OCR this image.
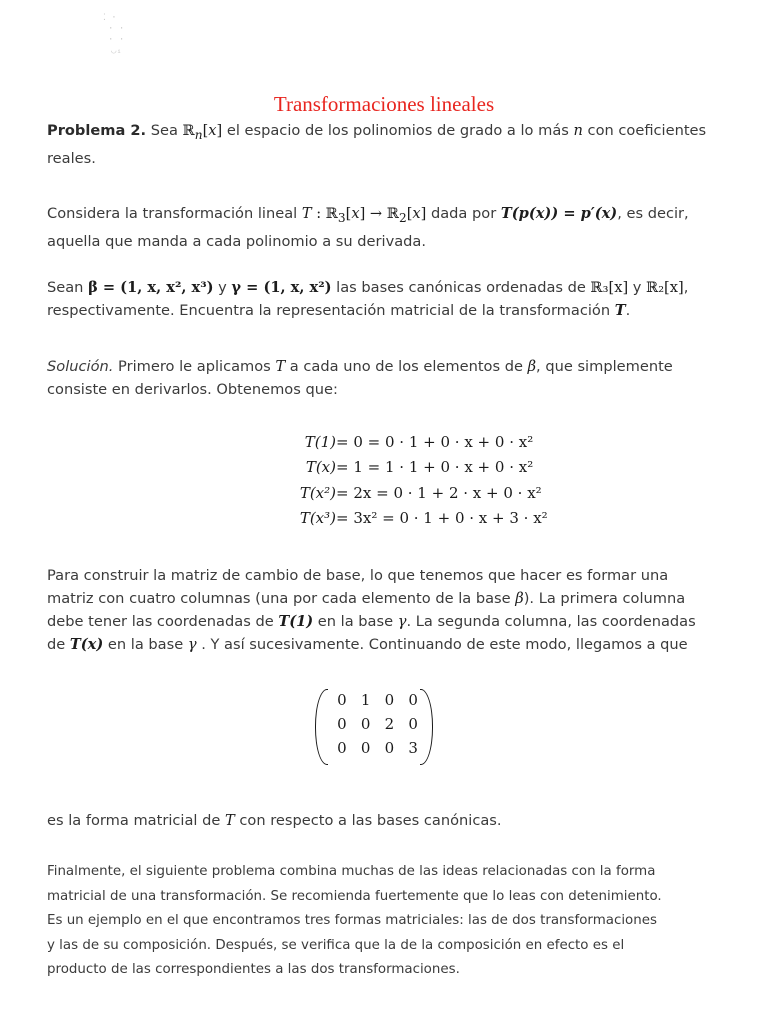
⁚ ·
· ·
· ·
◡ᵢ
Transformaciones lineales

Problema 2. Sea ℝ$_n$[x] el espacio de los polinomios de grado a lo más n con coeficientes reales.

Considera la transformación lineal T : ℝ$_3$[x] → ℝ$_2$[x] dada por T(p(x)) = p′(x), es decir, aquella que manda a cada polinomio a su derivada.

Sean β = (1, x, x², x³) y γ = (1, x, x²) las bases canónicas ordenadas de ℝ₃[x] y ℝ₂[x], respectivamente. Encuentra la representación matricial de la transformación T.

Solución. Primero le aplicamos T a cada uno de los elementos de β, que simplemente consiste en derivarlos. Obtenemos que:

T(1) = 0 = 0 · 1 + 0 · x + 0 · x²
T(x) = 1 = 1 · 1 + 0 · x + 0 · x²
T(x²) = 2x = 0 · 1 + 2 · x + 0 · x²
T(x³) = 3x² = 0 · 1 + 0 · x + 3 · x²

Para construir la matriz de cambio de base, lo que tenemos que hacer es formar una matriz con cuatro columnas (una por cada elemento de la base β). La primera columna debe tener las coordenadas de T(1) en la base γ. La segunda columna, las coordenadas de T(x) en la base γ . Y así sucesivamente. Continuando de este modo, llegamos a que

0 1 0 0
0 0 2 0
0 0 0 3

es la forma matricial de T con respecto a las bases canónicas.

Finalmente, el siguiente problema combina muchas de las ideas relacionadas con la forma matricial de una transformación. Se recomienda fuertemente que lo leas con detenimiento. Es un ejemplo en el que encontramos tres formas matriciales: las de dos transformaciones y las de su composición. Después, se verifica que la de la composición en efecto es el producto de las correspondientes a las dos transformaciones.
